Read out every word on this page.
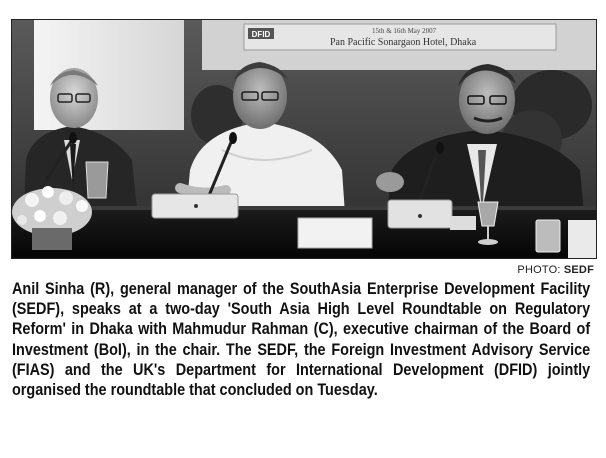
DFID	15th & 16th May 2007
Pan Pacific Sonargaon Hotel, Dhaka
PHOTO: SEDF
Anil Sinha (R), general manager of the SouthAsia Enterprise Development Facility (SEDF), speaks at a two-day 'South Asia High Level Roundtable on Regulatory Reform' in Dhaka with Mahmudur Rahman (C), executive chairman of the Board of Investment (BoI), in the chair. The SEDF, the Foreign Investment Advisory Service (FIAS) and the UK's Department for International Development (DFID) jointly organised the roundtable that concluded on Tuesday.
